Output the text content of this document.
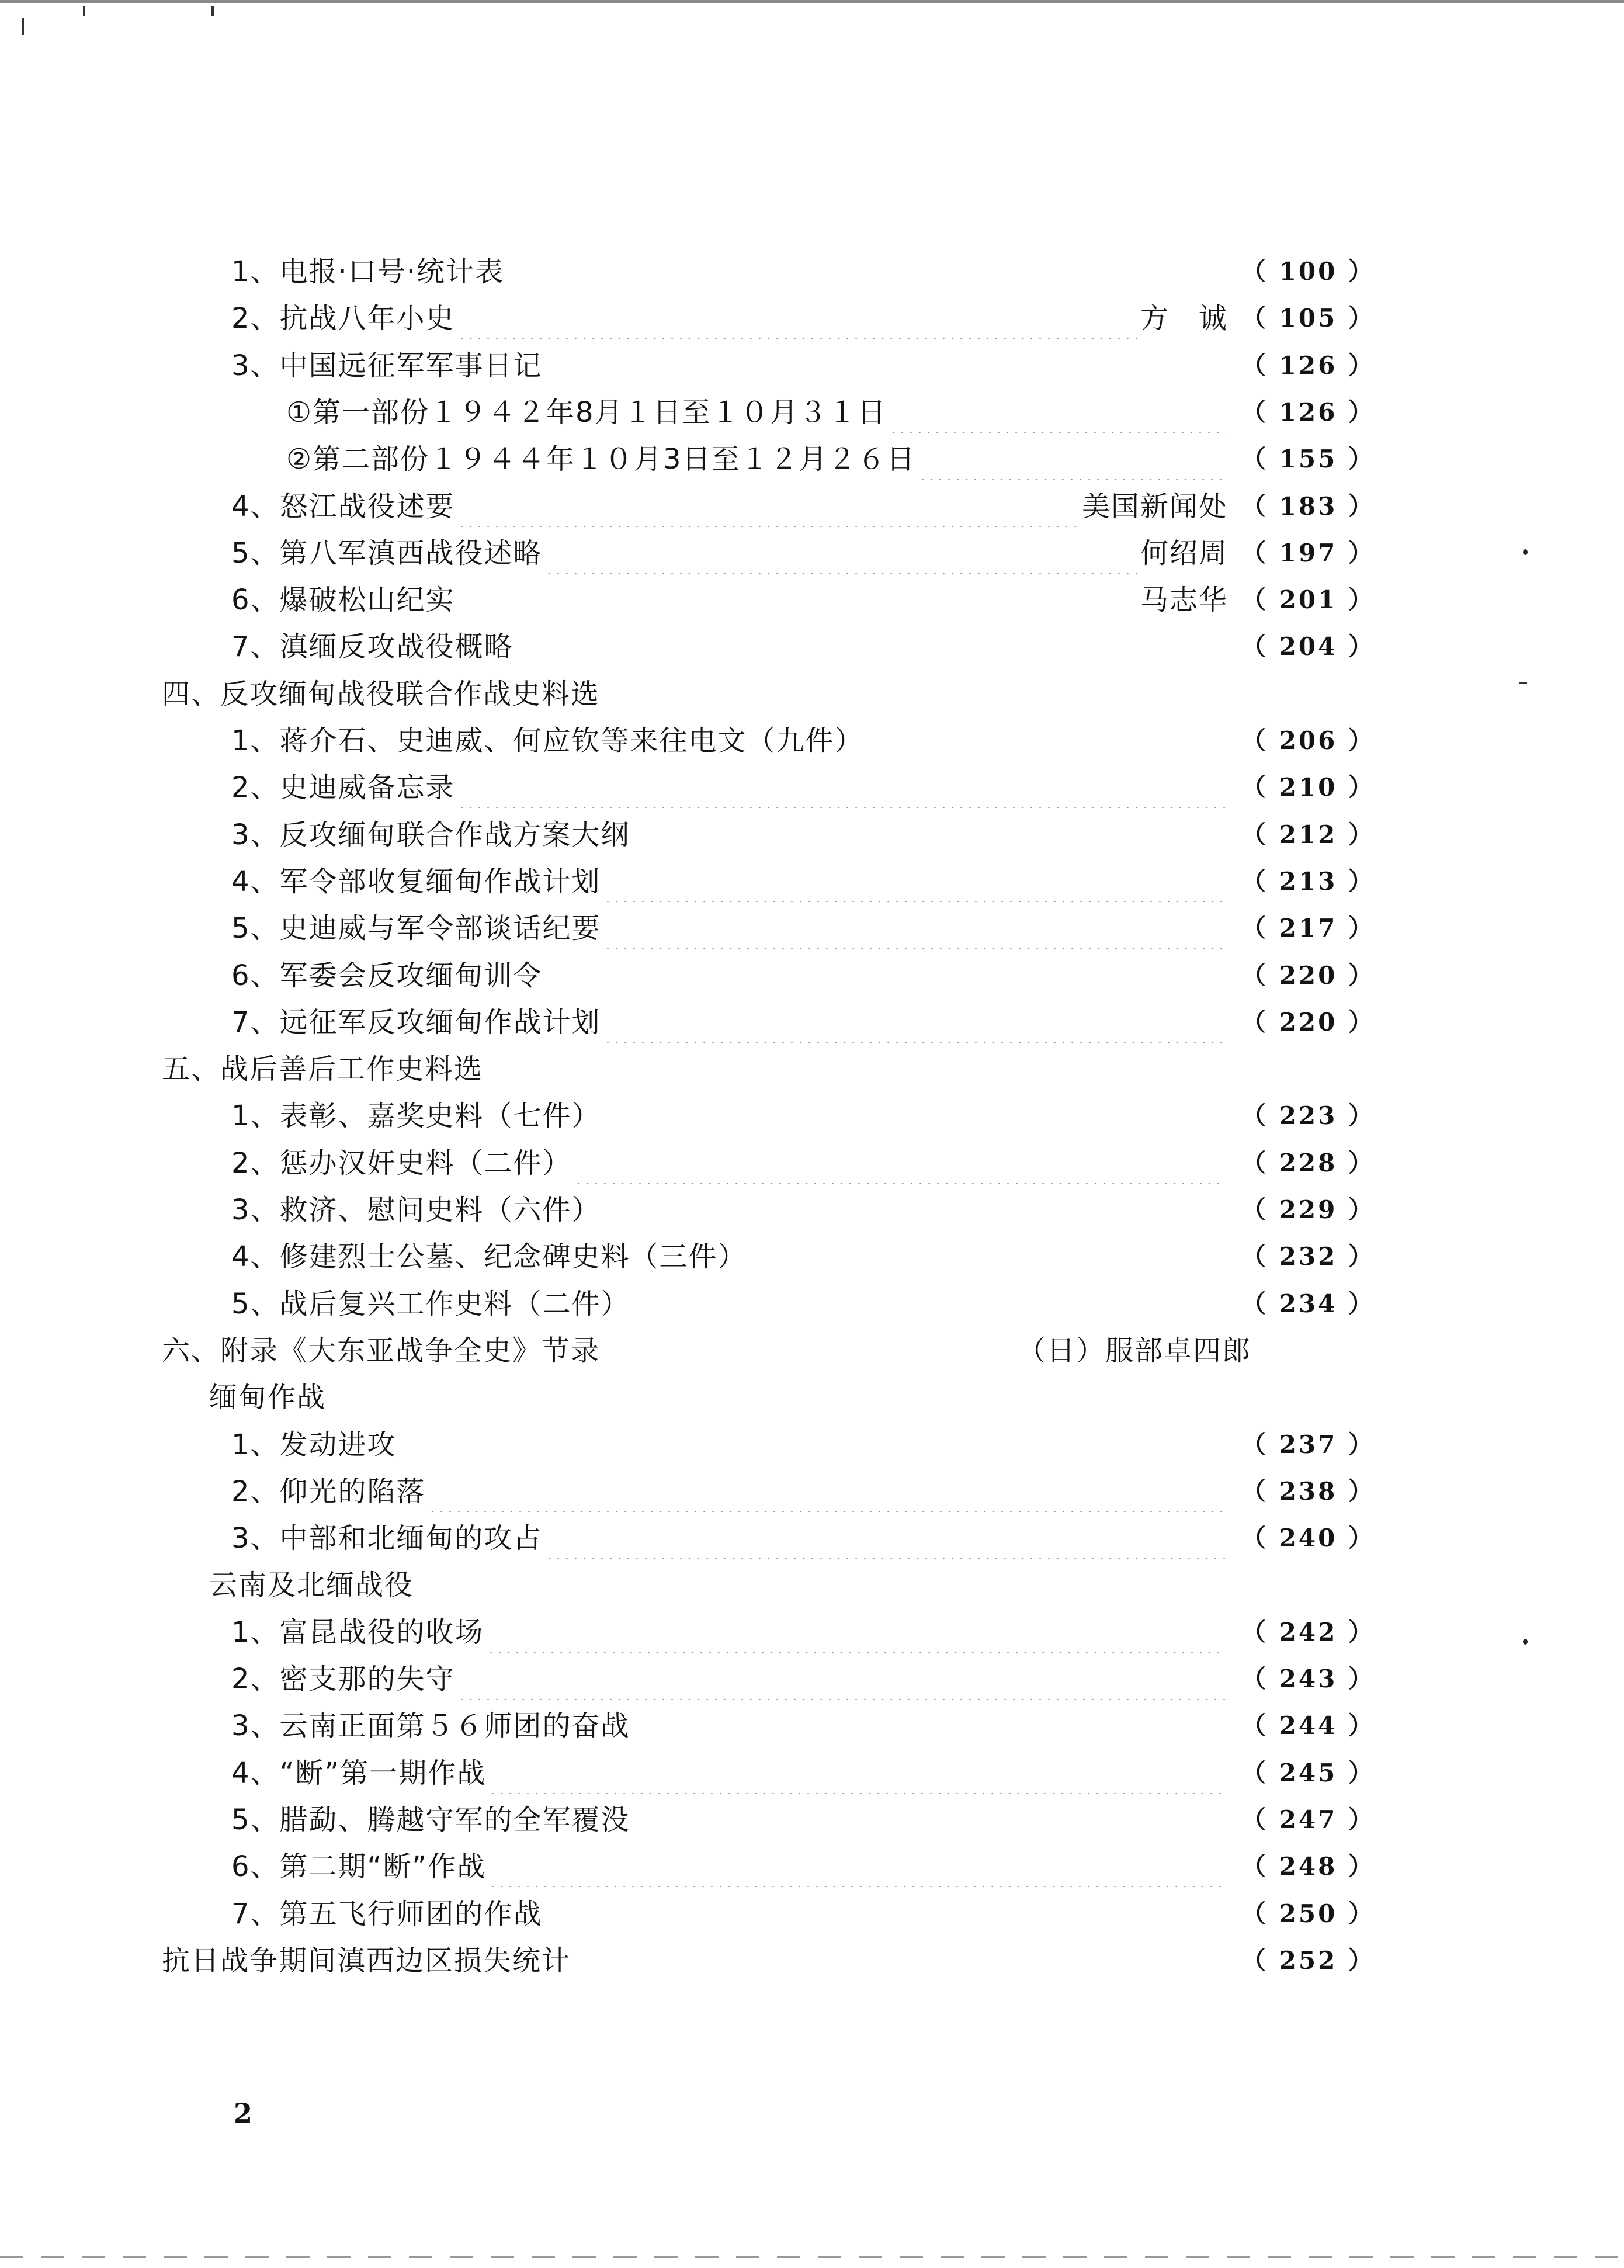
1、电报·口号·统计表	（ 100 ）
2、抗战八年小史	方　诚 （ 105 ）
3、中国远征军军事日记	（ 126 ）
①第一部份１９４２年8月１日至１０月３１日	（ 126 ）
②第二部份１９４４年１０月3日至１２月２６日	（ 155 ）
4、怒江战役述要	美国新闻处 （ 183 ）
5、第八军滇西战役述略	何绍周 （ 197 ）
6、爆破松山纪实	马志华 （ 201 ）
7、滇缅反攻战役概略	（ 204 ）
四、反攻缅甸战役联合作战史料选
1、蒋介石、史迪威、何应钦等来往电文（九件）	（ 206 ）
2、史迪威备忘录	（ 210 ）
3、反攻缅甸联合作战方案大纲	（ 212 ）
4、军令部收复缅甸作战计划	（ 213 ）
5、史迪威与军令部谈话纪要	（ 217 ）
6、军委会反攻缅甸训令	（ 220 ）
7、远征军反攻缅甸作战计划	（ 220 ）
五、战后善后工作史料选
1、表彰、嘉奖史料（七件）	（ 223 ）
2、惩办汉奸史料（二件）	（ 228 ）
3、救济、慰问史料（六件）	（ 229 ）
4、修建烈士公墓、纪念碑史料（三件）	（ 232 ）
5、战后复兴工作史料（二件）	（ 234 ）
六、附录《大东亚战争全史》节录	（日）服部卓四郎
缅甸作战
1、发动进攻	（ 237 ）
2、仰光的陷落	（ 238 ）
3、中部和北缅甸的攻占	（ 240 ）
云南及北缅战役
1、富昆战役的收场	（ 242 ）
2、密支那的失守	（ 243 ）
3、云南正面第５６师团的奋战	（ 244 ）
4、“断”第一期作战	（ 245 ）
5、腊勐、腾越守军的全军覆没	（ 247 ）
6、第二期“断”作战	（ 248 ）
7、第五飞行师团的作战	（ 250 ）
抗日战争期间滇西边区损失统计	（ 252 ）
2
